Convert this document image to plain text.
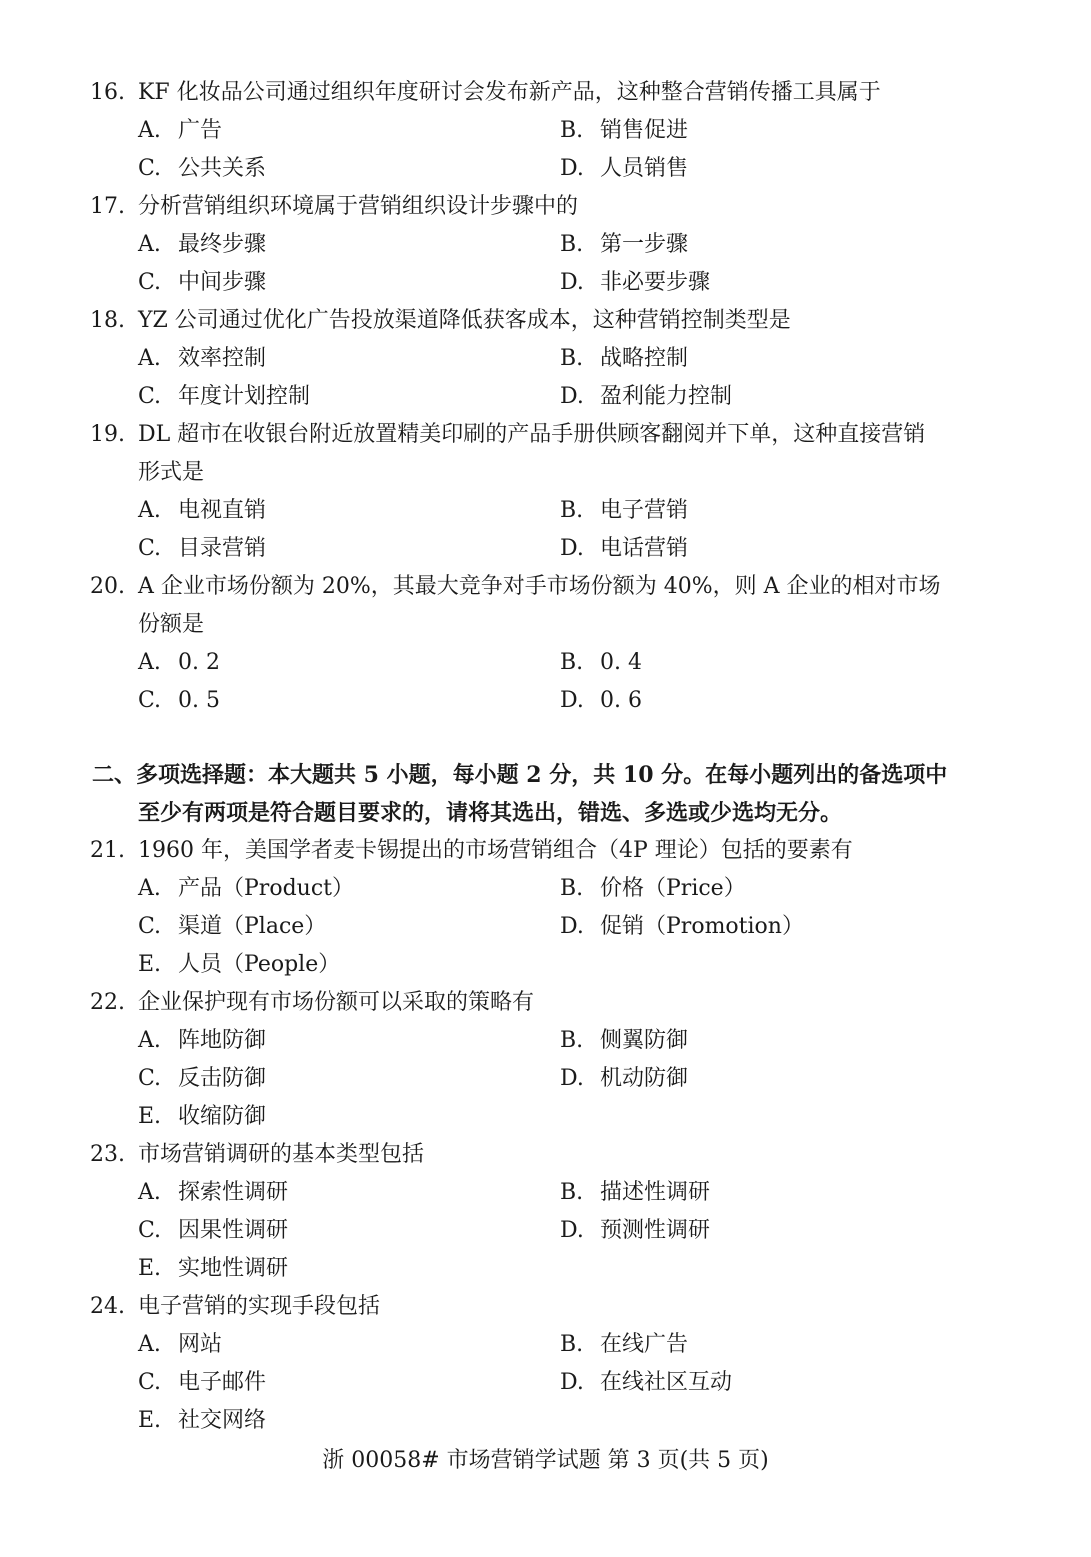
16. KF 化妆品公司通过组织年度研讨会发布新产品，这种整合营销传播工具属于
A. 广告	B. 销售促进
C. 公共关系	D. 人员销售
17. 分析营销组织环境属于营销组织设计步骤中的
A. 最终步骤	B. 第一步骤
C. 中间步骤	D. 非必要步骤
18. YZ 公司通过优化广告投放渠道降低获客成本，这种营销控制类型是
A. 效率控制	B. 战略控制
C. 年度计划控制	D. 盈利能力控制
19. DL 超市在收银台附近放置精美印刷的产品手册供顾客翻阅并下单，这种直接营销
形式是
A. 电视直销	B. 电子营销
C. 目录营销	D. 电话营销
20. A 企业市场份额为 20%，其最大竞争对手市场份额为 40%，则 A 企业的相对市场
份额是
A. 0. 2	B. 0. 4
C. 0. 5	D. 0. 6
二、多项选择题：本大题共 5 小题，每小题 2 分，共 10 分。在每小题列出的备选项中
至少有两项是符合题目要求的，请将其选出，错选、多选或少选均无分。
21. 1960 年，美国学者麦卡锡提出的市场营销组合（4P 理论）包括的要素有
A. 产品（Product）	B. 价格（Price）
C. 渠道（Place）	D. 促销（Promotion）
E. 人员（People）
22. 企业保护现有市场份额可以采取的策略有
A. 阵地防御	B. 侧翼防御
C. 反击防御	D. 机动防御
E. 收缩防御
23. 市场营销调研的基本类型包括
A. 探索性调研	B. 描述性调研
C. 因果性调研	D. 预测性调研
E. 实地性调研
24. 电子营销的实现手段包括
A. 网站	B. 在线广告
C. 电子邮件	D. 在线社区互动
E. 社交网络
浙 00058# 市场营销学试题 第 3 页(共 5 页)
